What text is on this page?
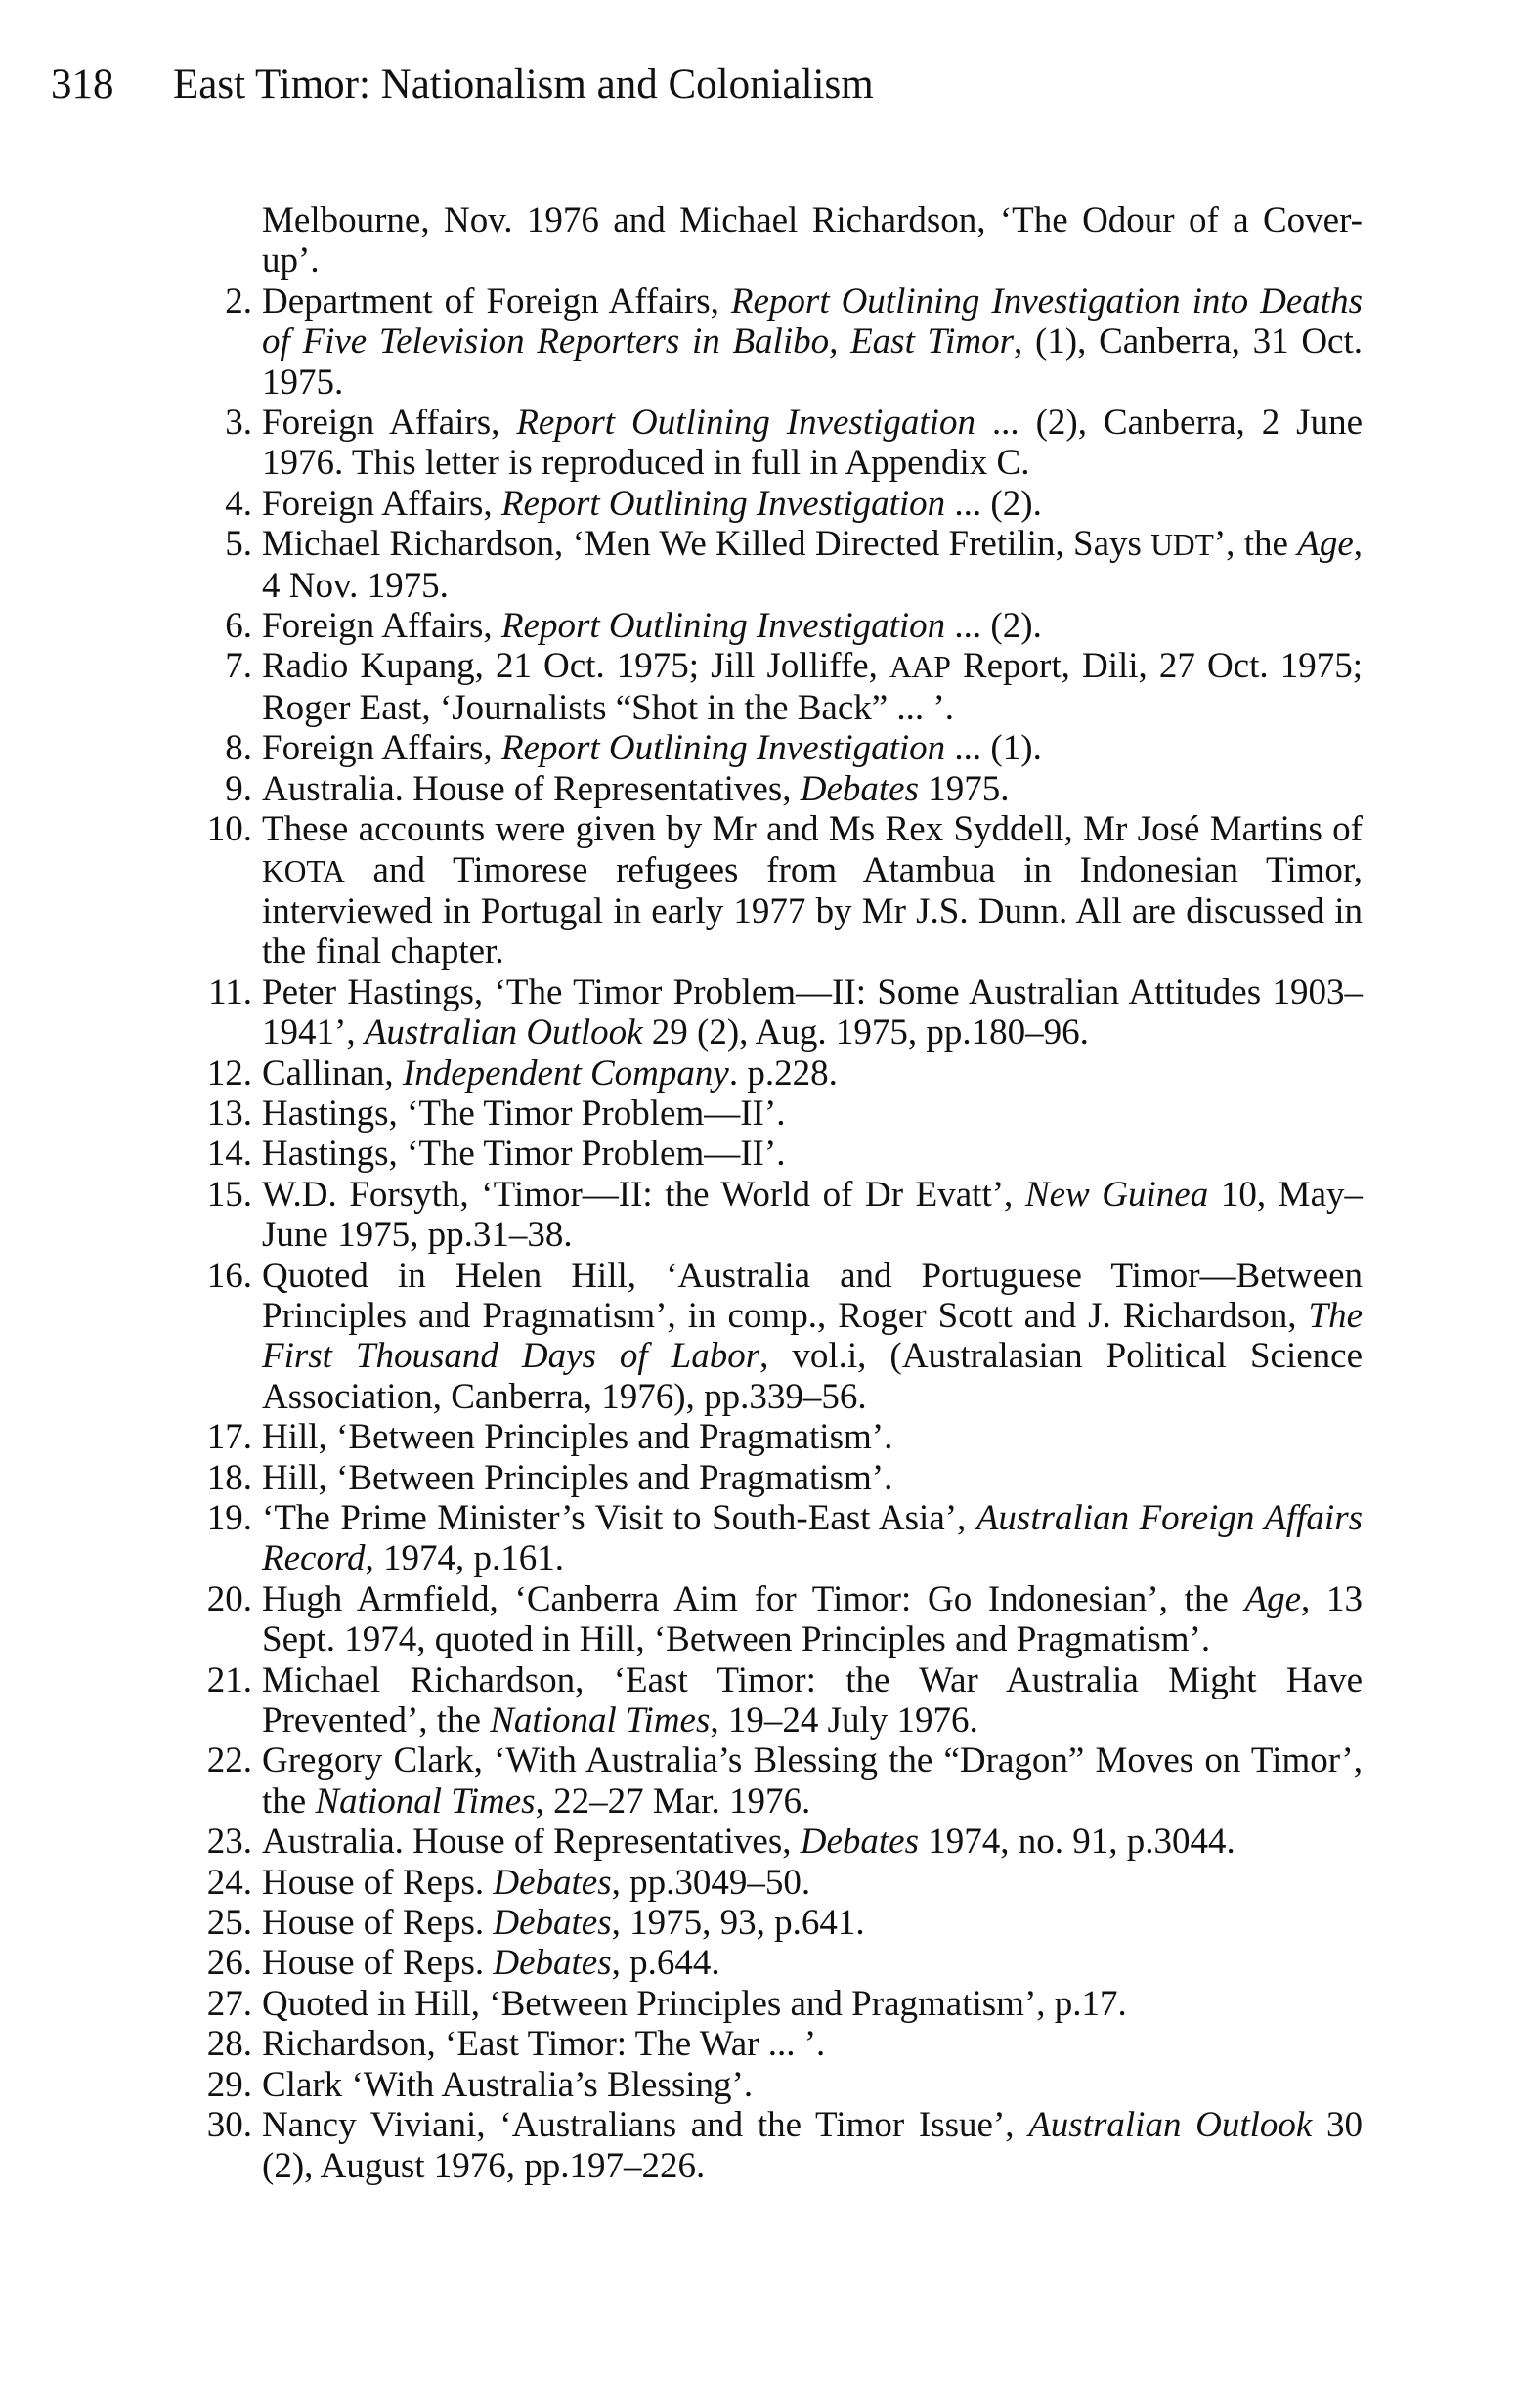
318 East Timor: Nationalism and Colonialism

Melbourne, Nov. 1976 and Michael Richardson, ‘The Odour of a Cover-up’.

2. Department of Foreign Affairs, Report Outlining Investigation into Deaths of Five Television Reporters in Balibo, East Timor, (1), Canberra, 31 Oct. 1975.

3. Foreign Affairs, Report Outlining Investigation ... (2), Canberra, 2 June 1976. This letter is reproduced in full in Appendix C.

4. Foreign Affairs, Report Outlining Investigation ... (2).

5. Michael Richardson, ‘Men We Killed Directed Fretilin, Says UDT’, the Age, 4 Nov. 1975.

6. Foreign Affairs, Report Outlining Investigation ... (2).

7. Radio Kupang, 21 Oct. 1975; Jill Jolliffe, AAP Report, Dili, 27 Oct. 1975; Roger East, ‘Journalists “Shot in the Back” ... ’.

8. Foreign Affairs, Report Outlining Investigation ... (1).

9. Australia. House of Representatives, Debates 1975.

10. These accounts were given by Mr and Ms Rex Syddell, Mr José Martins of KOTA and Timorese refugees from Atambua in Indonesian Timor, interviewed in Portugal in early 1977 by Mr J.S. Dunn. All are discussed in the final chapter.

11. Peter Hastings, ‘The Timor Problem—II: Some Australian Attitudes 1903–1941’, Australian Outlook 29 (2), Aug. 1975, pp.180–96.

12. Callinan, Independent Company. p.228.

13. Hastings, ‘The Timor Problem—II’.

14. Hastings, ‘The Timor Problem—II’.

15. W.D. Forsyth, ‘Timor—II: the World of Dr Evatt’, New Guinea 10, May–June 1975, pp.31–38.

16. Quoted in Helen Hill, ‘Australia and Portuguese Timor—Between Principles and Pragmatism’, in comp., Roger Scott and J. Richardson, The First Thousand Days of Labor, vol.i, (Australasian Political Science Association, Canberra, 1976), pp.339–56.

17. Hill, ‘Between Principles and Pragmatism’.

18. Hill, ‘Between Principles and Pragmatism’.

19. ‘The Prime Minister’s Visit to South-East Asia’, Australian Foreign Affairs Record, 1974, p.161.

20. Hugh Armfield, ‘Canberra Aim for Timor: Go Indonesian’, the Age, 13 Sept. 1974, quoted in Hill, ‘Between Principles and Pragmatism’.

21. Michael Richardson, ‘East Timor: the War Australia Might Have Prevented’, the National Times, 19–24 July 1976.

22. Gregory Clark, ‘With Australia’s Blessing the “Dragon” Moves on Timor’, the National Times, 22–27 Mar. 1976.

23. Australia. House of Representatives, Debates 1974, no. 91, p.3044.

24. House of Reps. Debates, pp.3049–50.

25. House of Reps. Debates, 1975, 93, p.641.

26. House of Reps. Debates, p.644.

27. Quoted in Hill, ‘Between Principles and Pragmatism’, p.17.

28. Richardson, ‘East Timor: The War ... ’.

29. Clark ‘With Australia’s Blessing’.

30. Nancy Viviani, ‘Australians and the Timor Issue’, Australian Outlook 30 (2), August 1976, pp.197–226.
